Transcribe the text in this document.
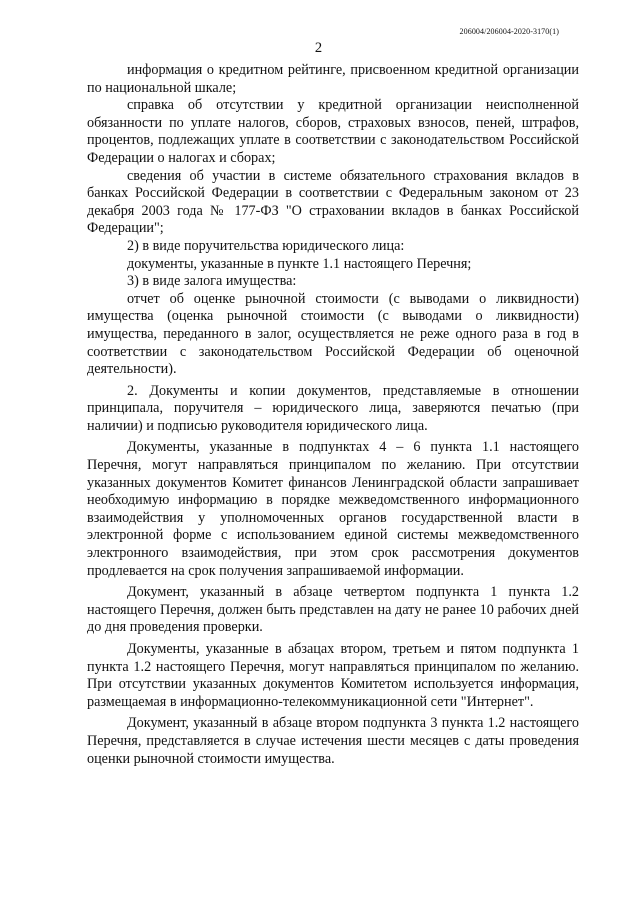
206004/206004-2020-3170(1)
2

информация о кредитном рейтинге, присвоенном кредитной организации по национальной шкале;

справка об отсутствии у кредитной организации неисполненной обязанности по уплате налогов, сборов, страховых взносов, пеней, штрафов, процентов, подлежащих уплате в соответствии с законодательством Российской Федерации о налогах и сборах;

сведения об участии в системе обязательного страхования вкладов в банках Российской Федерации в соответствии с Федеральным законом от 23 декабря 2003 года № 177-ФЗ "О страховании вкладов в банках Российской Федерации";

2) в виде поручительства юридического лица:

документы, указанные в пункте 1.1 настоящего Перечня;

3) в виде залога имущества:

отчет об оценке рыночной стоимости (с выводами о ликвидности) имущества (оценка рыночной стоимости (с выводами о ликвидности) имущества, переданного в залог, осуществляется не реже одного раза в год в соответствии с законодательством Российской Федерации об оценочной деятельности).

2. Документы и копии документов, представляемые в отношении принципала, поручителя – юридического лица, заверяются печатью (при наличии) и подписью руководителя юридического лица.

Документы, указанные в подпунктах 4 – 6 пункта 1.1 настоящего Перечня, могут направляться принципалом по желанию. При отсутствии указанных документов Комитет финансов Ленинградской области запрашивает необходимую информацию в порядке межведомственного информационного взаимодействия у уполномоченных органов государственной власти в электронной форме с использованием единой системы межведомственного электронного взаимодействия, при этом срок рассмотрения документов продлевается на срок получения запрашиваемой информации.

Документ, указанный в абзаце четвертом подпункта 1 пункта 1.2 настоящего Перечня, должен быть представлен на дату не ранее 10 рабочих дней до дня проведения проверки.

Документы, указанные в абзацах втором, третьем и пятом подпункта 1 пункта 1.2 настоящего Перечня, могут направляться принципалом по желанию. При отсутствии указанных документов Комитетом используется информация, размещаемая в информационно-телекоммуникационной сети "Интернет".

Документ, указанный в абзаце втором подпункта 3 пункта 1.2 настоящего Перечня, представляется в случае истечения шести месяцев с даты проведения оценки рыночной стоимости имущества.
